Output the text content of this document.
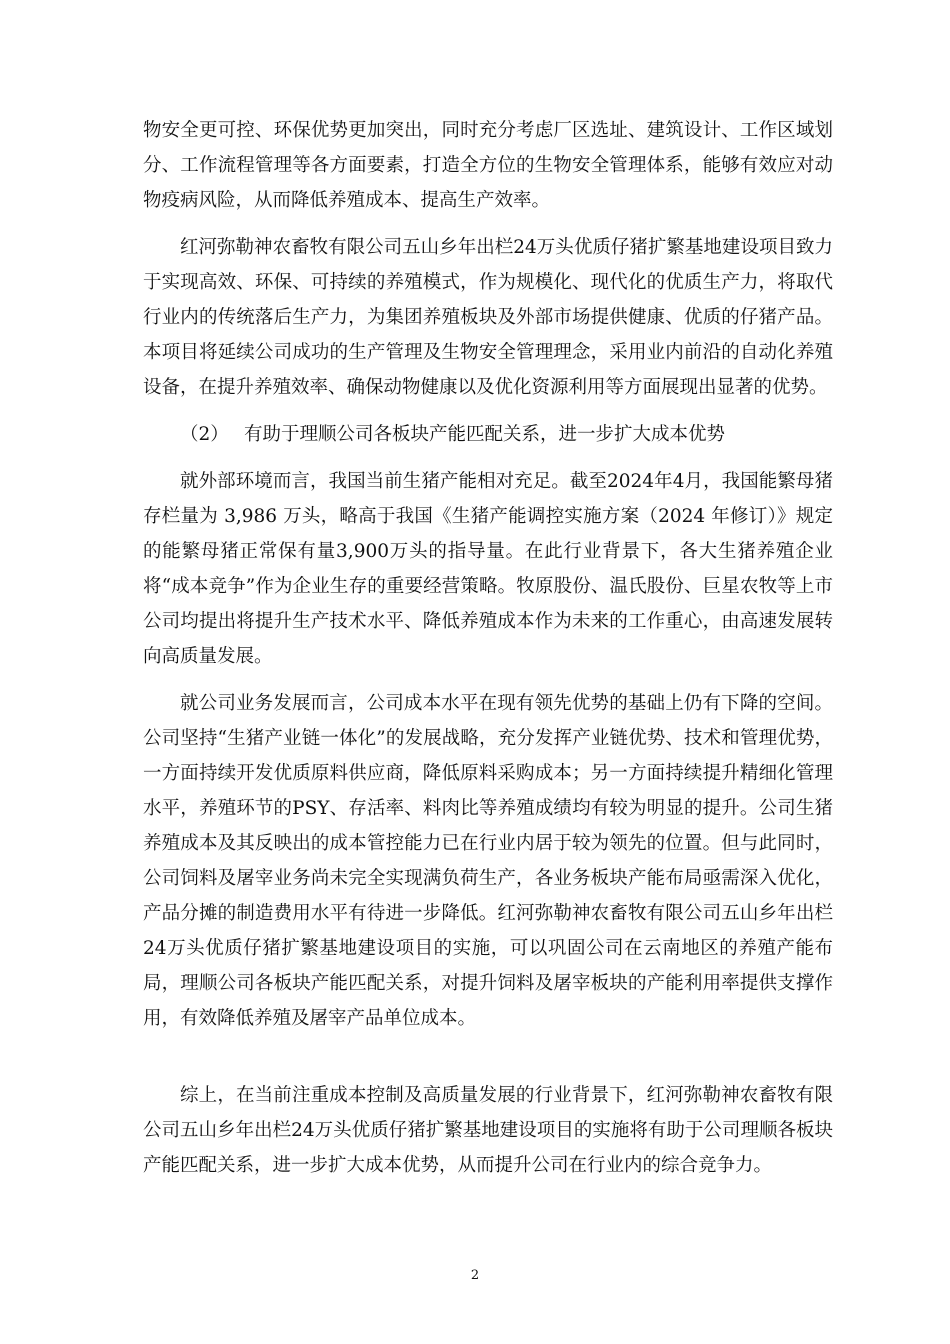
物安全更可控、环保优势更加突出，同时充分考虑厂区选址、建筑设计、工作区域划分、工作流程管理等各方面要素，打造全方位的生物安全管理体系，能够有效应对动物疫病风险，从而降低养殖成本、提高生产效率。

红河弥勒神农畜牧有限公司五山乡年出栏24万头优质仔猪扩繁基地建设项目致力于实现高效、环保、可持续的养殖模式，作为规模化、现代化的优质生产力，将取代行业内的传统落后生产力，为集团养殖板块及外部市场提供健康、优质的仔猪产品。本项目将延续公司成功的生产管理及生物安全管理理念，采用业内前沿的自动化养殖设备，在提升养殖效率、确保动物健康以及优化资源利用等方面展现出显著的优势。

（2） 有助于理顺公司各板块产能匹配关系，进一步扩大成本优势

就外部环境而言，我国当前生猪产能相对充足。截至2024年4月，我国能繁母猪存栏量为 3,986 万头，略高于我国《生猪产能调控实施方案（2024 年修订）》规定的能繁母猪正常保有量3,900万头的指导量。在此行业背景下，各大生猪养殖企业将“成本竞争”作为企业生存的重要经营策略。牧原股份、温氏股份、巨星农牧等上市公司均提出将提升生产技术水平、降低养殖成本作为未来的工作重心，由高速发展转向高质量发展。

就公司业务发展而言，公司成本水平在现有领先优势的基础上仍有下降的空间。公司坚持“生猪产业链一体化”的发展战略，充分发挥产业链优势、技术和管理优势，一方面持续开发优质原料供应商，降低原料采购成本；另一方面持续提升精细化管理水平，养殖环节的PSY、存活率、料肉比等养殖成绩均有较为明显的提升。公司生猪养殖成本及其反映出的成本管控能力已在行业内居于较为领先的位置。但与此同时，公司饲料及屠宰业务尚未完全实现满负荷生产，各业务板块产能布局亟需深入优化，产品分摊的制造费用水平有待进一步降低。红河弥勒神农畜牧有限公司五山乡年出栏24万头优质仔猪扩繁基地建设项目的实施，可以巩固公司在云南地区的养殖产能布局，理顺公司各板块产能匹配关系，对提升饲料及屠宰板块的产能利用率提供支撑作用，有效降低养殖及屠宰产品单位成本。

综上，在当前注重成本控制及高质量发展的行业背景下，红河弥勒神农畜牧有限公司五山乡年出栏24万头优质仔猪扩繁基地建设项目的实施将有助于公司理顺各板块产能匹配关系，进一步扩大成本优势，从而提升公司在行业内的综合竞争力。

2
